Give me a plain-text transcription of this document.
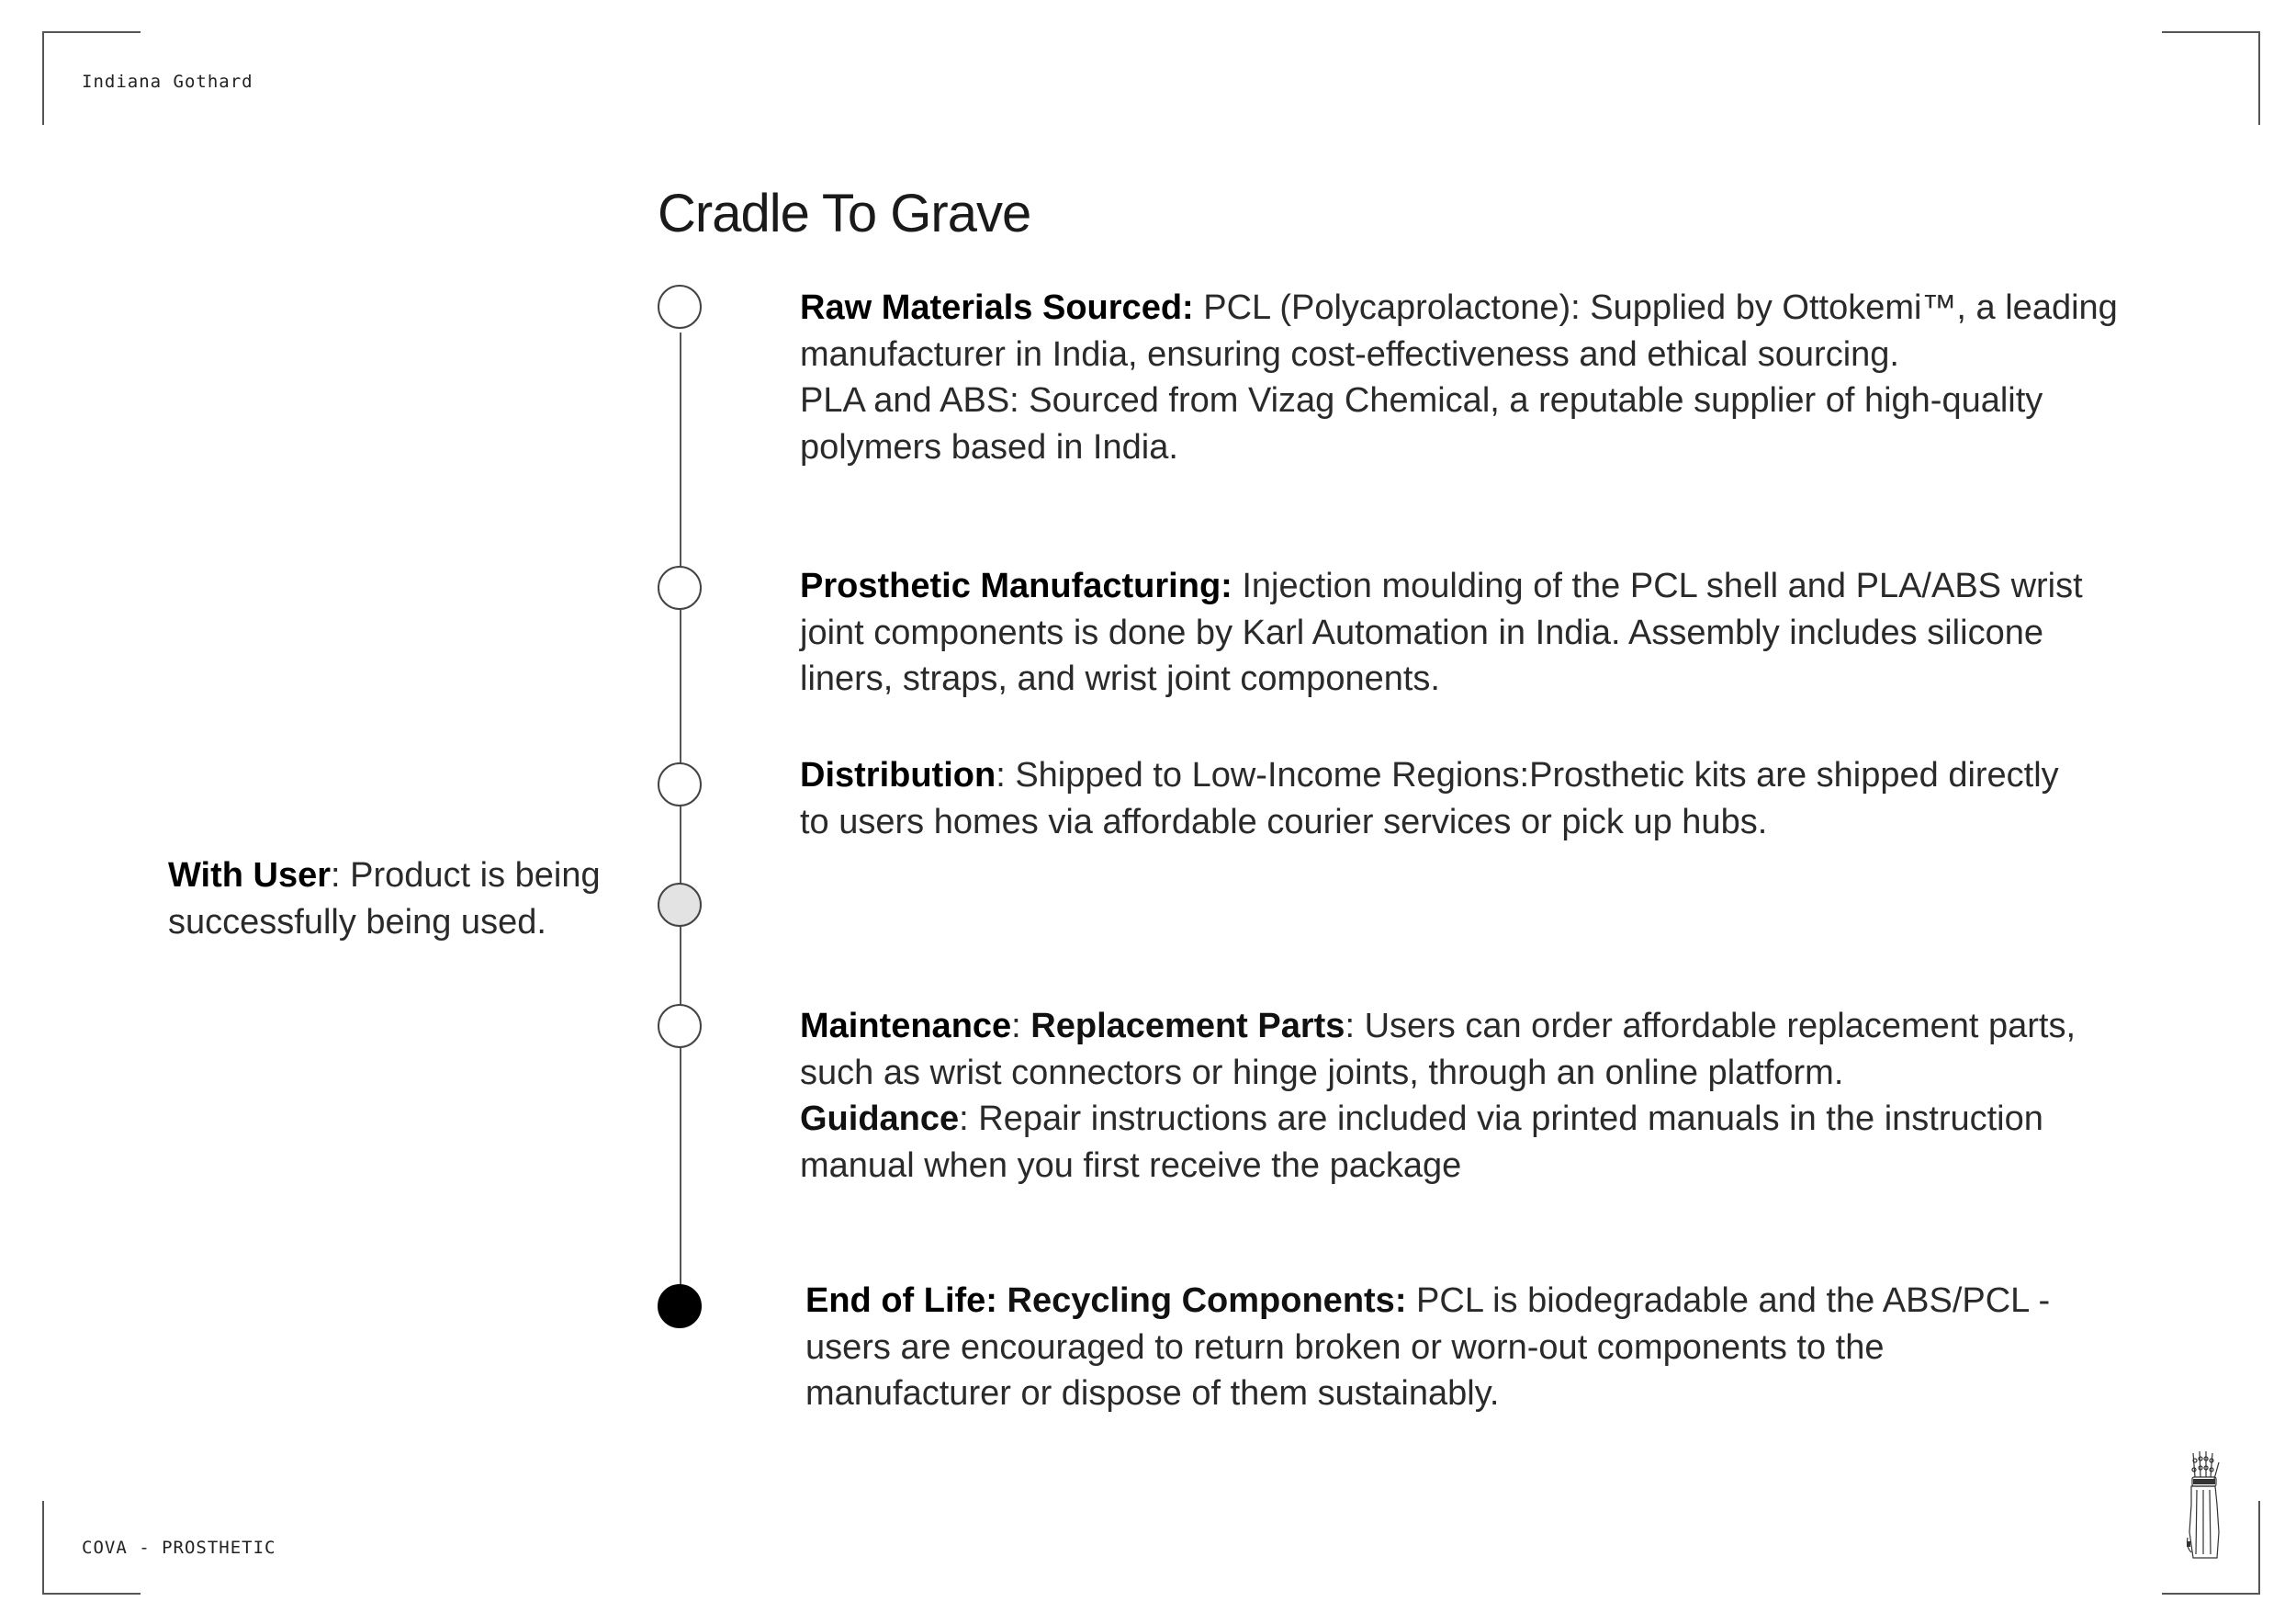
Indiana Gothard
COVA - PROSTHETIC
Cradle To Grave
Raw Materials Sourced: PCL (Polycaprolactone): Supplied by Ottokemi™, a leading
manufacturer in India, ensuring cost-effectiveness and ethical sourcing.
PLA and ABS: Sourced from Vizag Chemical, a reputable supplier of high-quality
polymers based in India.
Prosthetic Manufacturing: Injection moulding of the PCL shell and PLA/ABS wrist
joint components is done by Karl Automation in India. Assembly includes silicone
liners, straps, and wrist joint components.
Distribution: Shipped to Low-Income Regions:Prosthetic kits are shipped directly
to users homes via affordable courier services or pick up hubs.
With User: Product is being
successfully being used.
Maintenance: Replacement Parts: Users can order affordable replacement parts,
such as wrist connectors or hinge joints, through an online platform.
Guidance: Repair instructions are included via printed manuals in the instruction
manual when you first receive the package
End of Life: Recycling Components: PCL is biodegradable and the ABS/PCL -
users are encouraged to return broken or worn-out components to the
manufacturer or dispose of them sustainably.
